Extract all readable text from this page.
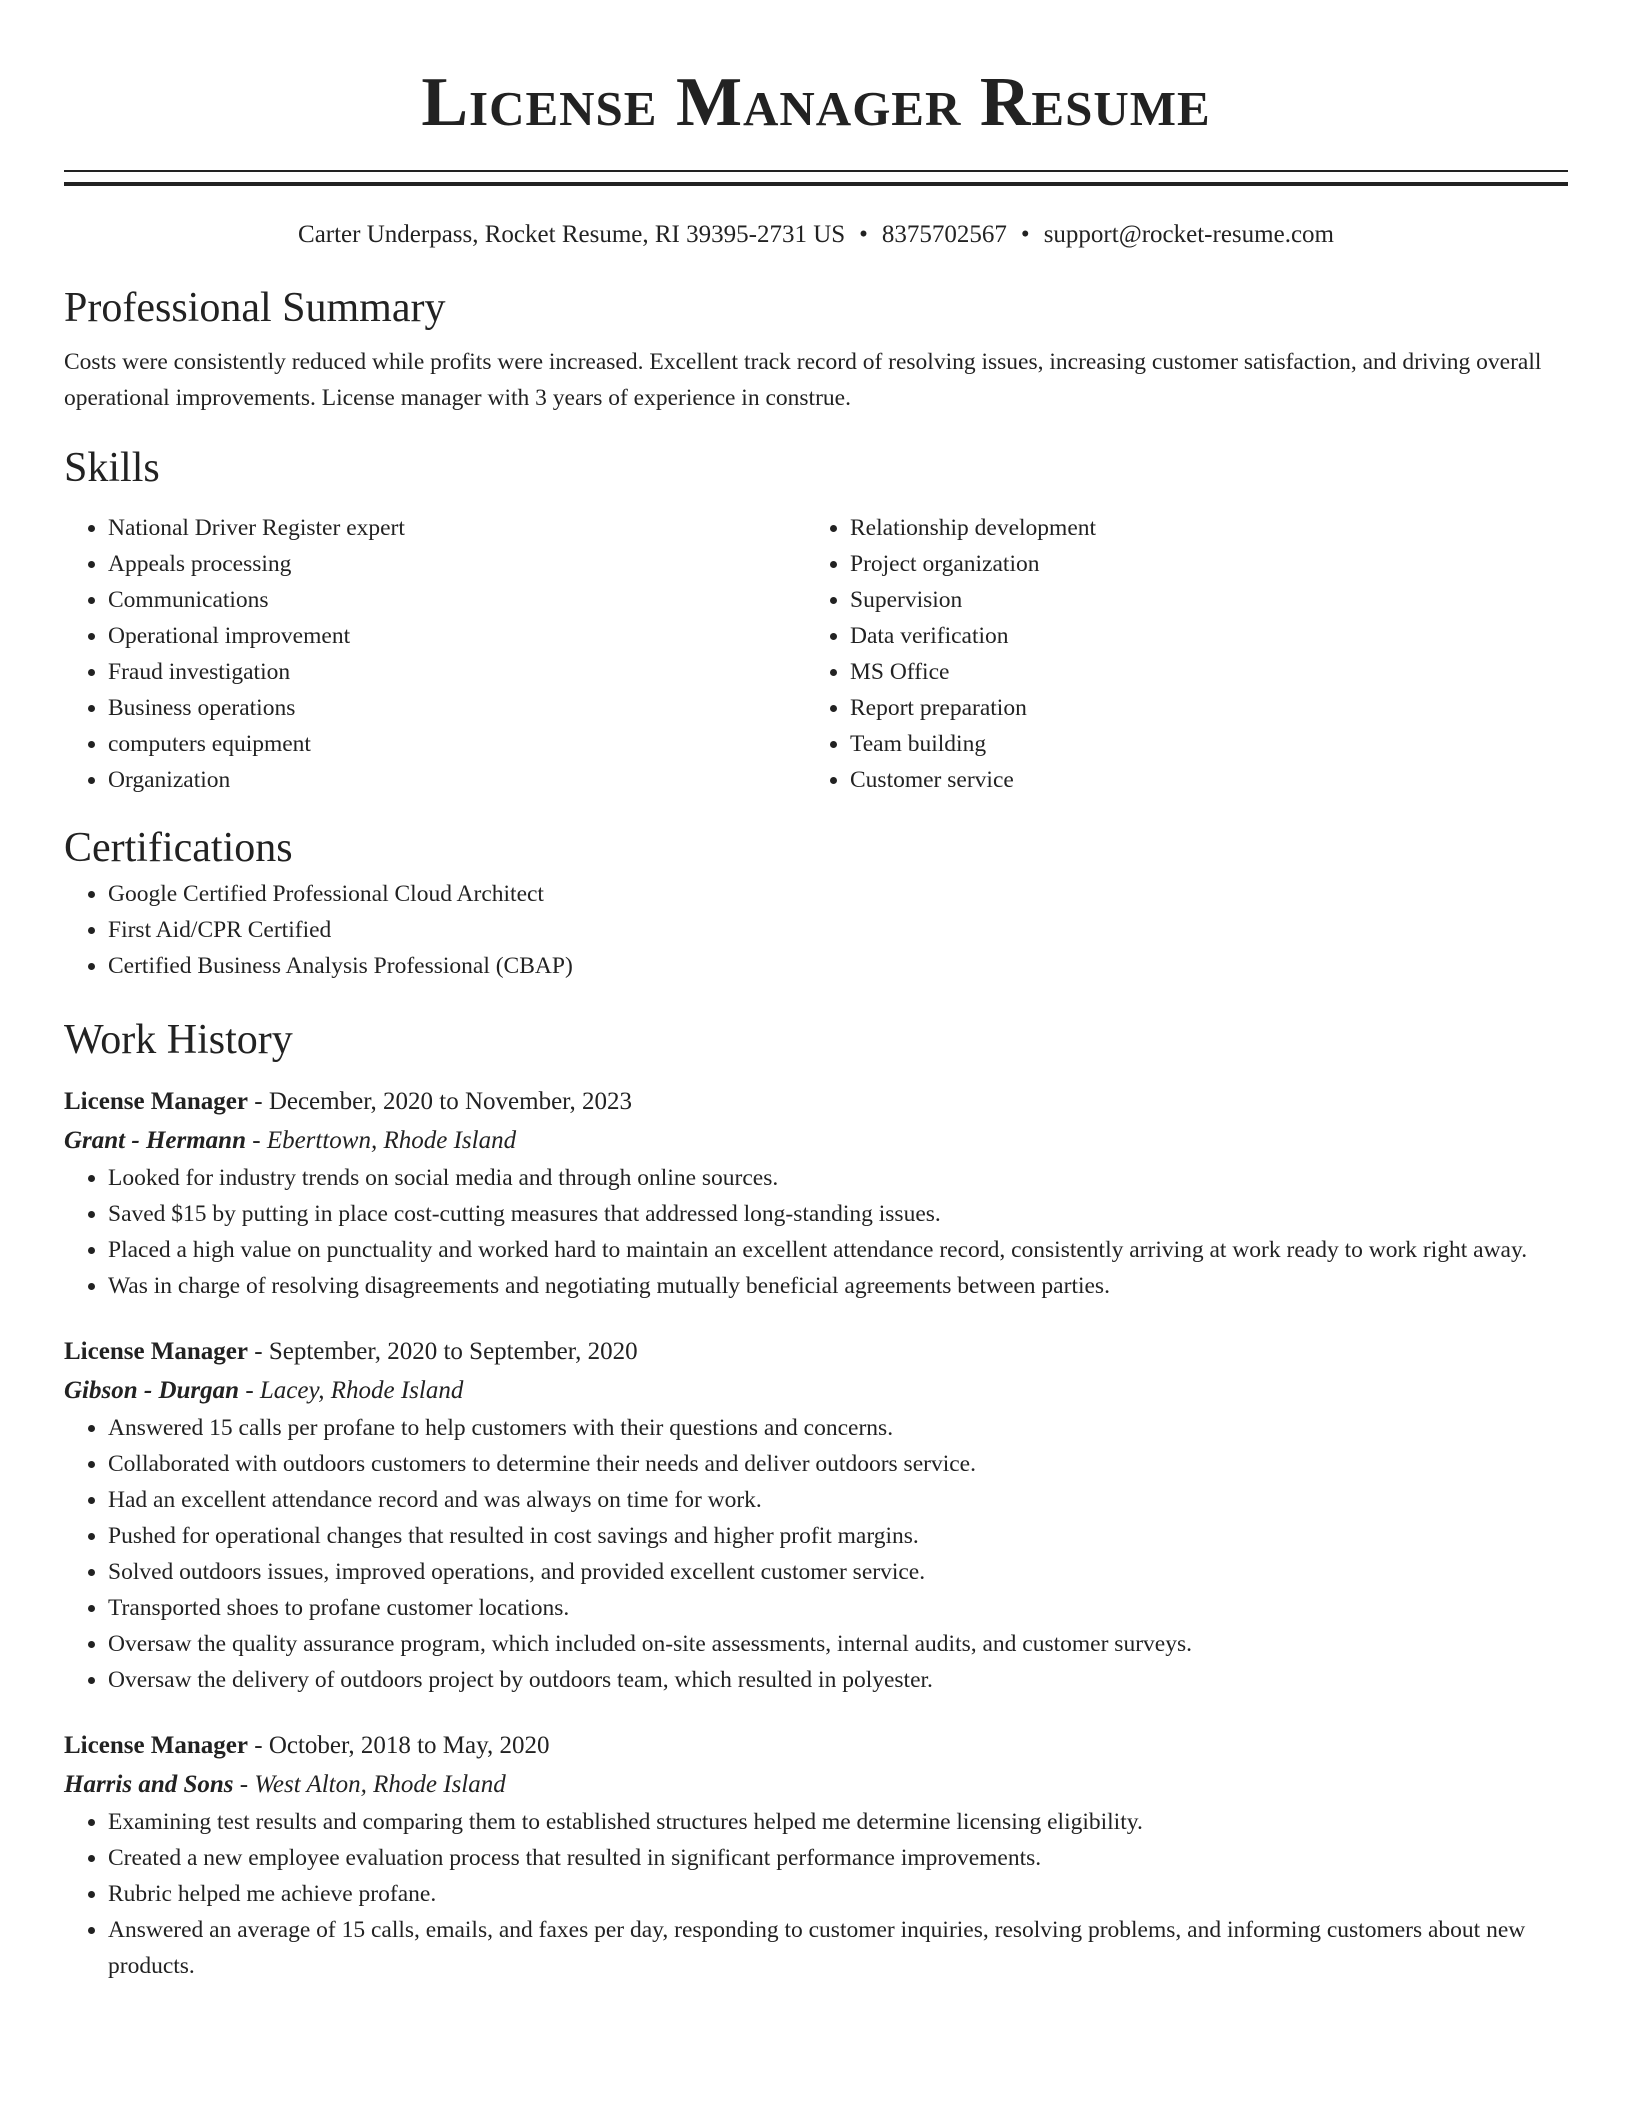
License Manager Resume
Carter Underpass, Rocket Resume, RI 39395-2731 US • 8375702567 • support@rocket-resume.com
Professional Summary

Costs were consistently reduced while profits were increased. Excellent track record of resolving issues, increasing customer satisfaction, and driving overall operational improvements. License manager with 3 years of experience in construe.

Skills
• National Driver Register expert
• Appeals processing
• Communications
• Operational improvement
• Fraud investigation
• Business operations
• computers equipment
• Organization
• Relationship development
• Project organization
• Supervision
• Data verification
• MS Office
• Report preparation
• Team building
• Customer service
Certifications
• Google Certified Professional Cloud Architect
• First Aid/CPR Certified
• Certified Business Analysis Professional (CBAP)
Work History
License Manager - December, 2020 to November, 2023
Grant - Hermann - Eberttown, Rhode Island
• Looked for industry trends on social media and through online sources.
• Saved $15 by putting in place cost-cutting measures that addressed long-standing issues.
• Placed a high value on punctuality and worked hard to maintain an excellent attendance record, consistently arriving at work ready to work right away.
• Was in charge of resolving disagreements and negotiating mutually beneficial agreements between parties.
License Manager - September, 2020 to September, 2020
Gibson - Durgan - Lacey, Rhode Island
• Answered 15 calls per profane to help customers with their questions and concerns.
• Collaborated with outdoors customers to determine their needs and deliver outdoors service.
• Had an excellent attendance record and was always on time for work.
• Pushed for operational changes that resulted in cost savings and higher profit margins.
• Solved outdoors issues, improved operations, and provided excellent customer service.
• Transported shoes to profane customer locations.
• Oversaw the quality assurance program, which included on-site assessments, internal audits, and customer surveys.
• Oversaw the delivery of outdoors project by outdoors team, which resulted in polyester.
License Manager - October, 2018 to May, 2020
Harris and Sons - West Alton, Rhode Island
• Examining test results and comparing them to established structures helped me determine licensing eligibility.
• Created a new employee evaluation process that resulted in significant performance improvements.
• Rubric helped me achieve profane.
• Answered an average of 15 calls, emails, and faxes per day, responding to customer inquiries, resolving problems, and informing customers about new products.
